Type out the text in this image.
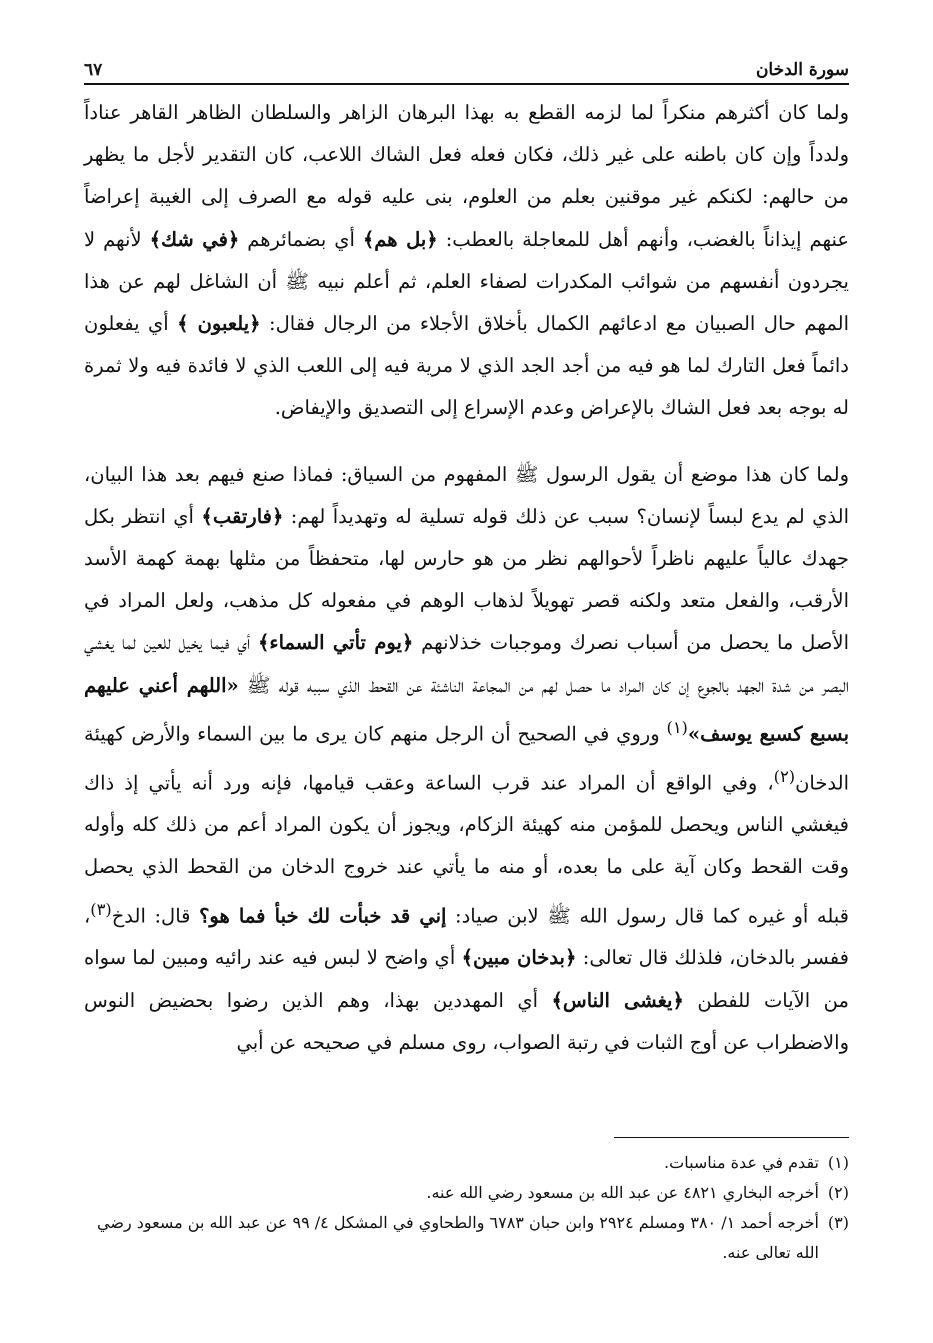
سورة الدخان
٦٧

ولما كان أكثرهم منكراً لما لزمه القطع به بهذا البرهان الزاهر والسلطان الظاهر القاهر عناداً ولدداً وإن كان باطنه على غير ذلك، فكان فعله فعل الشاك اللاعب، كان التقدير لأجل ما يظهر من حالهم: لكنكم غير موقنين بعلم من العلوم، بنى عليه قوله مع الصرف إلى الغيبة إعراضاً عنهم إيذاناً بالغضب، وأنهم أهل للمعاجلة بالعطب: ﴿بل هم﴾ أي بضمائرهم ﴿في شك﴾ لأنهم لا يجردون أنفسهم من شوائب المكدرات لصفاء العلم، ثم أعلم نبيه ﷺ أن الشاغل لهم عن هذا المهم حال الصبيان مع ادعائهم الكمال بأخلاق الأجلاء من الرجال فقال: ﴿يلعبون ﴾ أي يفعلون دائماً فعل التارك لما هو فيه من أجد الجد الذي لا مرية فيه إلى اللعب الذي لا فائدة فيه ولا ثمرة له بوجه بعد فعل الشاك بالإعراض وعدم الإسراع إلى التصديق والإيفاض.

ولما كان هذا موضع أن يقول الرسول ﷺ المفهوم من السياق: فماذا صنع فيهم بعد هذا البيان، الذي لم يدع لبساً لإنسان؟ سبب عن ذلك قوله تسلية له وتهديداً لهم: ﴿فارتقب﴾ أي انتظر بكل جهدك عالياً عليهم ناظراً لأحوالهم نظر من هو حارس لها، متحفظاً من مثلها بهمة كهمة الأسد الأرقب، والفعل متعد ولكنه قصر تهويلاً لذهاب الوهم في مفعوله كل مذهب، ولعل المراد في الأصل ما يحصل من أسباب نصرك وموجبات خذلانهم ﴿يوم تأتي السماء﴾ أي فيما يخيل للعين لما يغشي البصر من شدة الجهد بالجوع إن كان المراد ما حصل لهم من المجاعة الناشئة عن القحط الذي سببه قوله ﷺ «اللهم أعني عليهم بسبع كسبع يوسف»$^{(١)}$ وروي في الصحيح أن الرجل منهم كان يرى ما بين السماء والأرض كهيئة الدخان$^{(٢)}$، وفي الواقع أن المراد عند قرب الساعة وعقب قيامها، فإنه ورد أنه يأتي إذ ذاك فيغشي الناس ويحصل للمؤمن منه كهيئة الزكام، ويجوز أن يكون المراد أعم من ذلك كله وأوله وقت القحط وكان آية على ما بعده، أو منه ما يأتي عند خروج الدخان من القحط الذي يحصل قبله أو غيره كما قال رسول الله ﷺ لابن صياد: إني قد خبأت لك خبأ فما هو؟ قال: الدخ$^{(٣)}$، ففسر بالدخان، فلذلك قال تعالى: ﴿بدخان مبين﴾ أي واضح لا لبس فيه عند رائيه ومبين لما سواه من الآيات للفطن ﴿يغشى الناس﴾ أي المهددين بهذا، وهم الذين رضوا بحضيض النوس والاضطراب عن أوج الثبات في رتبة الصواب، روى مسلم في صحيحه عن أبي

(١)
تقدم في عدة مناسبات.
(٢)
أخرجه البخاري ٤٨٢١ عن عبد الله بن مسعود رضي الله عنه.
(٣)
أخرجه أحمد ١/ ٣٨٠ ومسلم ٢٩٢٤ وابن حبان ٦٧٨٣ والطحاوي في المشكل ٤/ ٩٩ عن عبد الله بن مسعود رضي الله تعالى عنه.
